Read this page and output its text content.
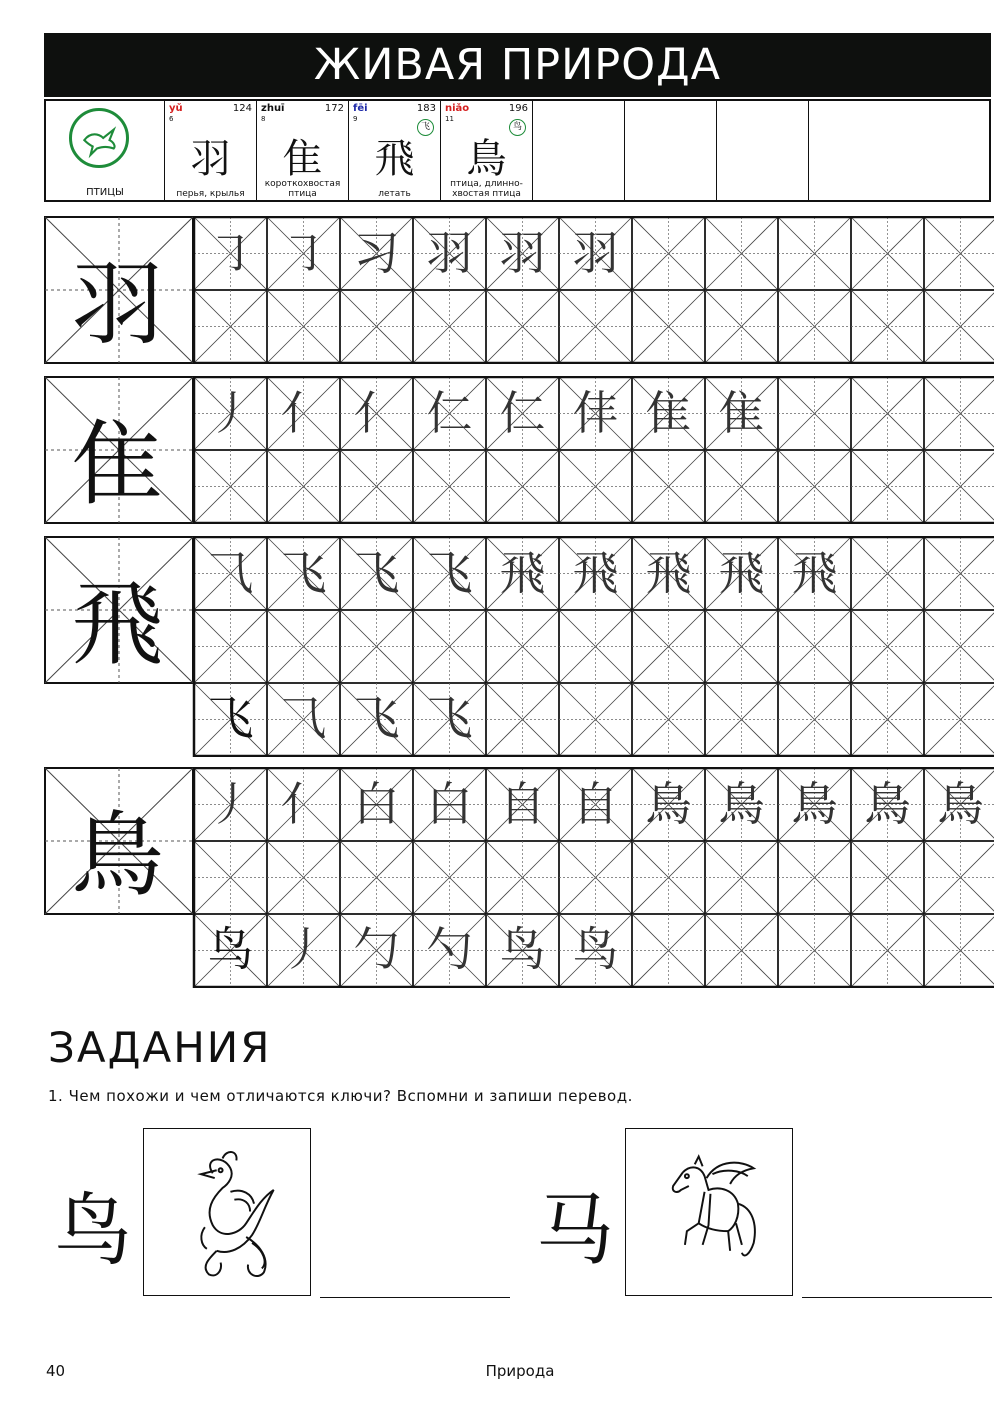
ЖИВАЯ ПРИРОДА
ПТИЦЫ
yǔ	124
6
羽
перья, крылья
zhuī	172
8
隹
короткохвостая птица
fēi	183
9
飞
飛
летать
niǎo	196
11
鸟
鳥
птица, длинно-хвостая птица
羽 ㇆ ㇆ 习 羽 羽 羽
隹 丿 亻 亻 仁 仁 仹 隹 隹
飛 ⺄ 飞 飞 飞 飛 飛 飛 飛 飛
飞 ⺄ 飞 飞
鳥 丿 亻 白 白 自 自 鳥 鳥 鳥 鳥 鳥
鸟 丿 勹 勺 鸟 鸟
ЗАДАНИЯ
1. Чем похожи и чем отличаются ключи? Вспомни и запиши перевод.
鸟	马
40	Природа
